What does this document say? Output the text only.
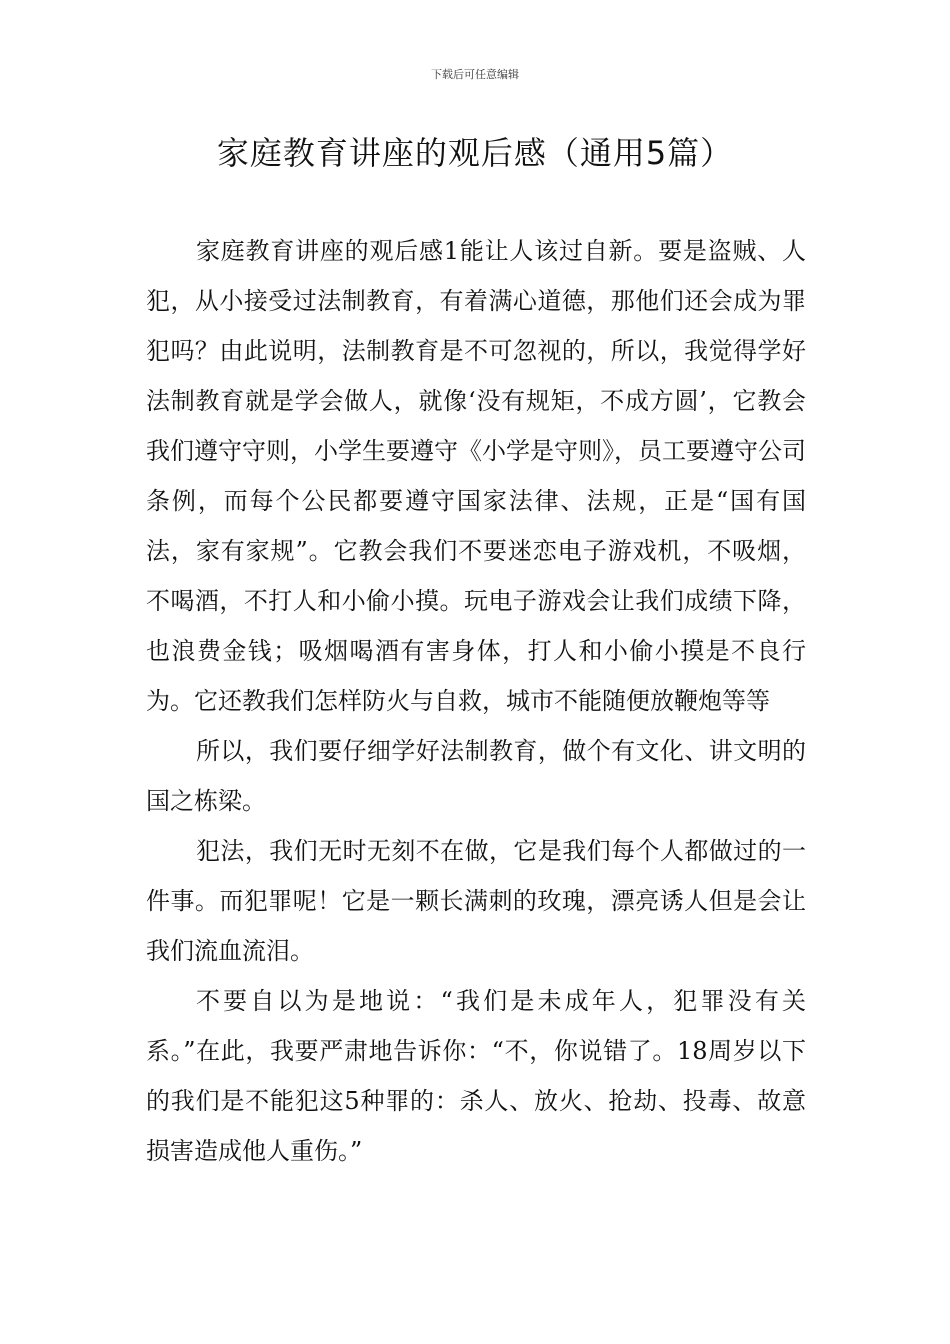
下载后可任意编辑
家庭教育讲座的观后感（通用5篇）

家庭教育讲座的观后感1能让人该过自新。要是盗贼、人犯，从小接受过法制教育，有着满心道德，那他们还会成为罪犯吗？由此说明，法制教育是不可忽视的，所以，我觉得学好法制教育就是学会做人，就像‘没有规矩，不成方圆’，它教会我们遵守守则，小学生要遵守《小学是守则》，员工要遵守公司条例，而每个公民都要遵守国家法律、法规，正是“国有国法，家有家规”。它教会我们不要迷恋电子游戏机，不吸烟，不喝酒，不打人和小偷小摸。玩电子游戏会让我们成绩下降，也浪费金钱；吸烟喝酒有害身体，打人和小偷小摸是不良行为。它还教我们怎样防火与自救，城市不能随便放鞭炮等等

所以，我们要仔细学好法制教育，做个有文化、讲文明的国之栋梁。

犯法，我们无时无刻不在做，它是我们每个人都做过的一件事。而犯罪呢！它是一颗长满刺的玫瑰，漂亮诱人但是会让我们流血流泪。

不要自以为是地说：“我们是未成年人，犯罪没有关系。”在此，我要严肃地告诉你：“不，你说错了。18周岁以下的我们是不能犯这5种罪的：杀人、放火、抢劫、投毒、故意损害造成他人重伤。”
